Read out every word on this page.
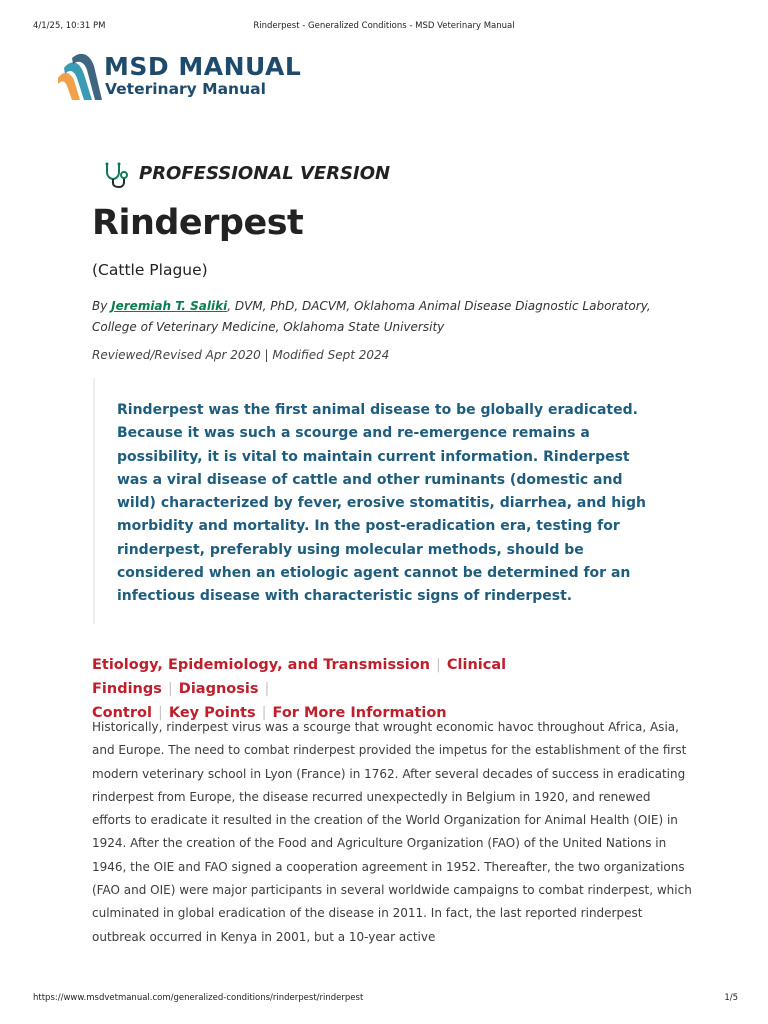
4/1/25, 10:31 PM	Rinderpest - Generalized Conditions - MSD Veterinary Manual
MSD MANUAL
Veterinary Manual
PROFESSIONAL VERSION
Rinderpest
(Cattle Plague)
By Jeremiah T. Saliki, DVM, PhD, DACVM, Oklahoma Animal Disease Diagnostic Laboratory, College of Veterinary Medicine, Oklahoma State University
Reviewed/Revised Apr 2020 | Modified Sept 2024

Rinderpest was the first animal disease to be globally eradicated. Because it was such a scourge and re-emergence remains a possibility, it is vital to maintain current information. Rinderpest was a viral disease of cattle and other ruminants (domestic and wild) characterized by fever, erosive stomatitis, diarrhea, and high morbidity and mortality. In the post-eradication era, testing for rinderpest, preferably using molecular methods, should be considered when an etiologic agent cannot be determined for an infectious disease with characteristic signs of rinderpest.

Etiology, Epidemiology, and Transmission | Clinical Findings | Diagnosis |
Control | Key Points | For More Information

Historically, rinderpest virus was a scourge that wrought economic havoc throughout Africa, Asia, and Europe. The need to combat rinderpest provided the impetus for the establishment of the first modern veterinary school in Lyon (France) in 1762. After several decades of success in eradicating rinderpest from Europe, the disease recurred unexpectedly in Belgium in 1920, and renewed efforts to eradicate it resulted in the creation of the World Organization for Animal Health (OIE) in 1924. After the creation of the Food and Agriculture Organization (FAO) of the United Nations in 1946, the OIE and FAO signed a cooperation agreement in 1952. Thereafter, the two organizations (FAO and OIE) were major participants in several worldwide campaigns to combat rinderpest, which culminated in global eradication of the disease in 2011. In fact, the last reported rinderpest outbreak occurred in Kenya in 2001, but a 10-year active

https://www.msdvetmanual.com/generalized-conditions/rinderpest/rinderpest	1/5
